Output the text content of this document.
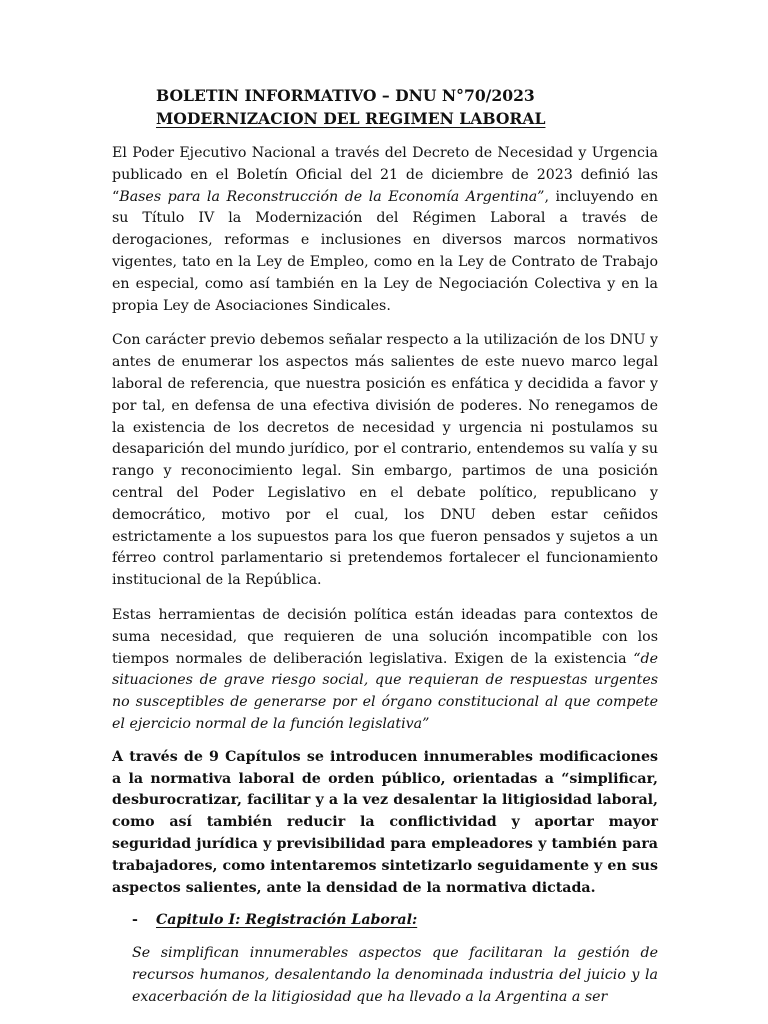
BOLETIN INFORMATIVO – DNU N°70/2023
MODERNIZACION DEL REGIMEN LABORAL

El Poder Ejecutivo Nacional a través del Decreto de Necesidad y Urgencia publicado en el Boletín Oficial del 21 de diciembre de 2023 definió las “Bases para la Reconstrucción de la Economía Argentina”, incluyendo en su Título IV la Modernización del Régimen Laboral a través de derogaciones, reformas e inclusiones en diversos marcos normativos vigentes, tato en la Ley de Empleo, como en la Ley de Contrato de Trabajo en especial, como así también en la Ley de Negociación Colectiva y en la propia Ley de Asociaciones Sindicales.

Con carácter previo debemos señalar respecto a la utilización de los DNU y antes de enumerar los aspectos más salientes de este nuevo marco legal laboral de referencia, que nuestra posición es enfática y decidida a favor y por tal, en defensa de una efectiva división de poderes. No renegamos de la existencia de los decretos de necesidad y urgencia ni postulamos su desaparición del mundo jurídico, por el contrario, entendemos su valía y su rango y reconocimiento legal. Sin embargo, partimos de una posición central del Poder Legislativo en el debate político, republicano y democrático, motivo por el cual, los DNU deben estar ceñidos estrictamente a los supuestos para los que fueron pensados y sujetos a un férreo control parlamentario si pretendemos fortalecer el funcionamiento institucional de la República.

Estas herramientas de decisión política están ideadas para contextos de suma necesidad, que requieren de una solución incompatible con los tiempos normales de deliberación legislativa. Exigen de la existencia “de situaciones de grave riesgo social, que requieran de respuestas urgentes no susceptibles de generarse por el órgano constitucional al que compete el ejercicio normal de la función legislativa”

A través de 9 Capítulos se introducen innumerables modificaciones a la normativa laboral de orden público, orientadas a “simplificar, desburocratizar, facilitar y a la vez desalentar la litigiosidad laboral, como así también reducir la conflictividad y aportar mayor seguridad jurídica y previsibilidad para empleadores y también para trabajadores, como intentaremos sintetizarlo seguidamente y en sus aspectos salientes, ante la densidad de la normativa dictada.

-	Capitulo I: Registración Laboral:

Se simplifican innumerables aspectos que facilitaran la gestión de recursos humanos, desalentando la denominada industria del juicio y la exacerbación de la litigiosidad que ha llevado a la Argentina a ser
